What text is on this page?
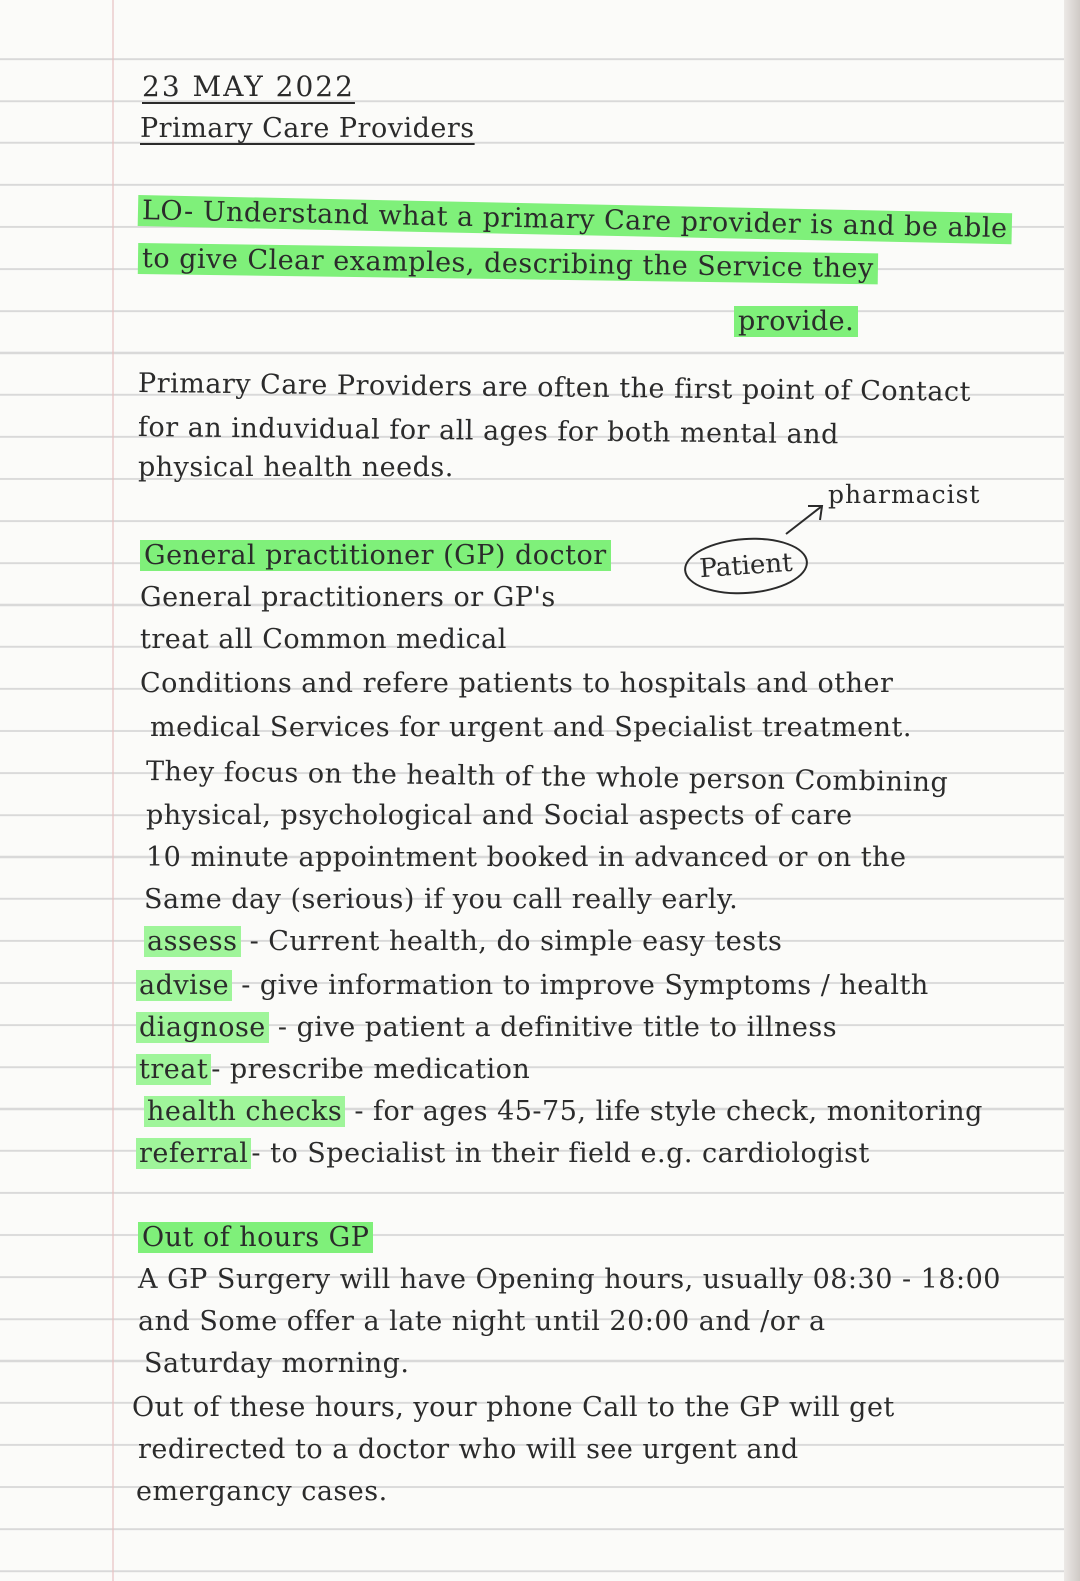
23 MAY 2022
Primary Care Providers
LO- Understand what a primary Care provider is and be able
to give Clear examples, describing the Service they
provide.
Primary Care Providers are often the first point of Contact
for an induvidual for all ages for both mental and
physical health needs.
pharmacist
Patient
General practitioner (GP) doctor
General practitioners or GP's
treat all Common medical
Conditions and refere patients to hospitals and other
medical Services for urgent and Specialist treatment.
They focus on the health of the whole person Combining
physical, psychological and Social aspects of care
10 minute appointment booked in advanced or on the
Same day (serious) if you call really early.
assess - Current health, do simple easy tests
advise - give information to improve Symptoms / health
diagnose - give patient a definitive title to illness
treat - prescribe medication
health checks - for ages 45-75, life style check, monitoring
referral - to Specialist in their field e.g. cardiologist
Out of hours GP
A GP Surgery will have Opening hours, usually 08:30 - 18:00
and Some offer a late night until 20:00 and /or a
Saturday morning.
Out of these hours, your phone Call to the GP will get
redirected to a doctor who will see urgent and
emergancy cases.
